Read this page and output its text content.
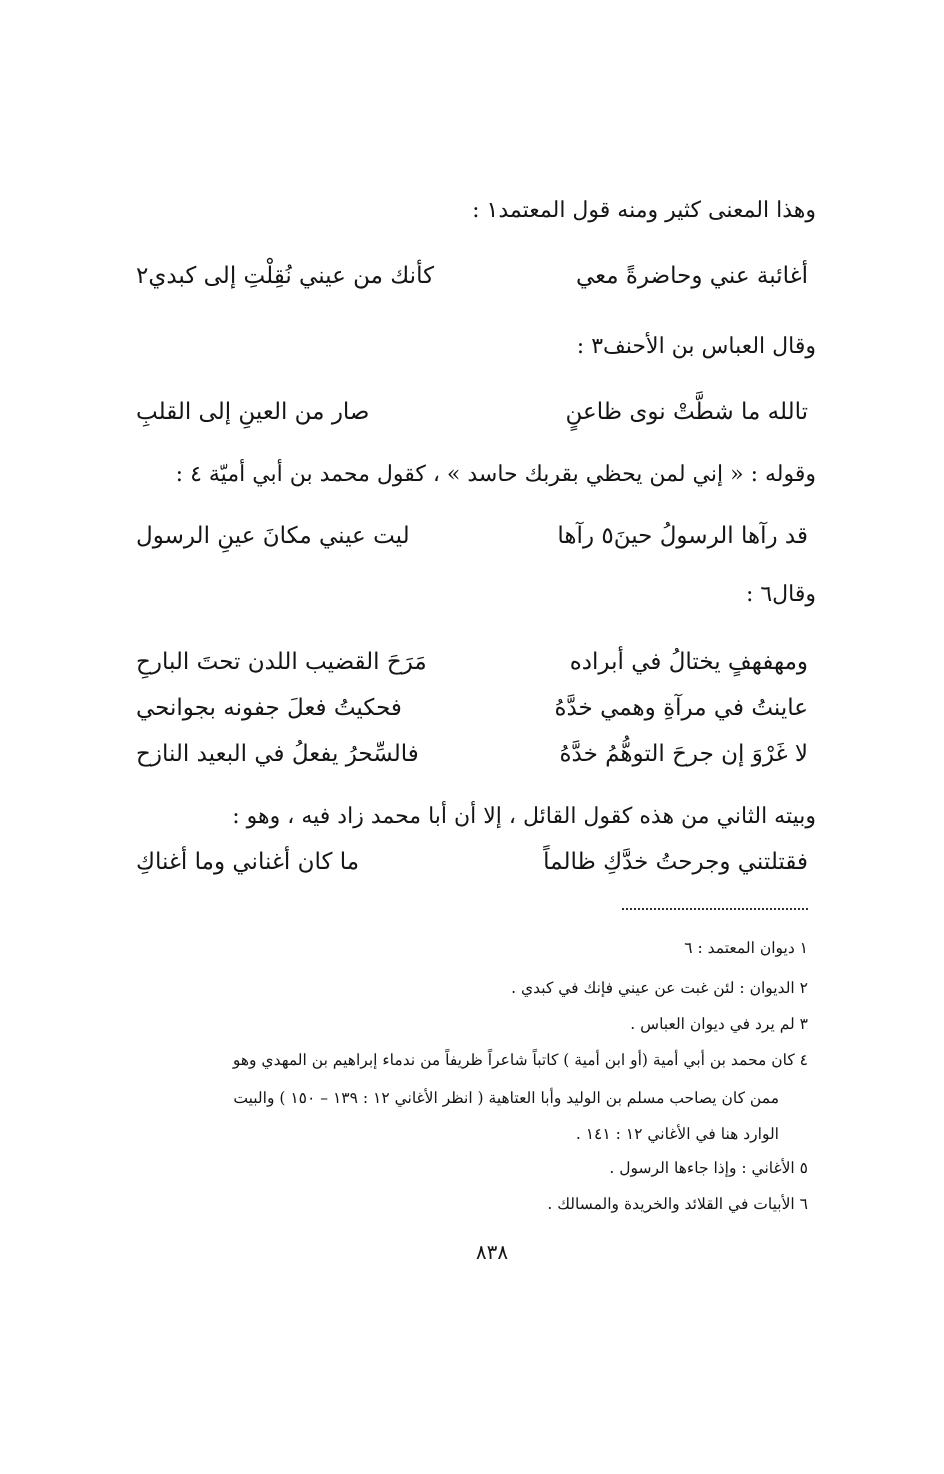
وهذا المعنى كثير ومنه قول المعتمد١ :
أغائبة عني وحاضرةً معي
كأنك من عيني نُقِلْتِ إلى كبدي٢
وقال العباس بن الأحنف٣ :
تالله ما شطَّتْ نوى ظاعنٍ
صار من العينِ إلى القلبِ
وقوله : « إني لمن يحظي بقربك حاسد » ، كقول محمد بن أبي أميّة ٤ :
قد رآها الرسولُ حينَ٥ رآها
ليت عيني مكانَ عينِ الرسول
وقال٦ :
ومهفهفٍ يختالُ في أبراده
مَرَحَ القضيب اللدن تحتَ البارحِ
عاينتُ في مرآةِ وهمي خدَّهُ
فحكيتُ فعلَ جفونه بجوانحي
لا غَرْوَ إن جرحَ التوهُّمُ خدَّهُ
فالسِّحرُ يفعلُ في البعيد النازح
وبيته الثاني من هذه كقول القائل ، إلا أن أبا محمد زاد فيه ، وهو :
فقتلتني وجرحتُ خدَّكِ ظالماً
ما كان أغناني وما أغناكِ
١ ديوان المعتمد : ٦
٢ الديوان : لئن غبت عن عيني فإنك في كبدي .
٣ لم يرد في ديوان العباس .
٤ كان محمد بن أبي أمية (أو ابن أمية ) كاتباً شاعراً ظريفاً من ندماء إبراهيم بن المهدي وهو
ممن كان يصاحب مسلم بن الوليد وأبا العتاهية ( انظر الأغاني ١٢ : ١٣٩ – ١٥٠ ) والبيت
الوارد هنا في الأغاني ١٢ : ١٤١ .
٥ الأغاني : وإذا جاءها الرسول .
٦ الأبيات في القلائد والخريدة والمسالك .
٨٣٨
